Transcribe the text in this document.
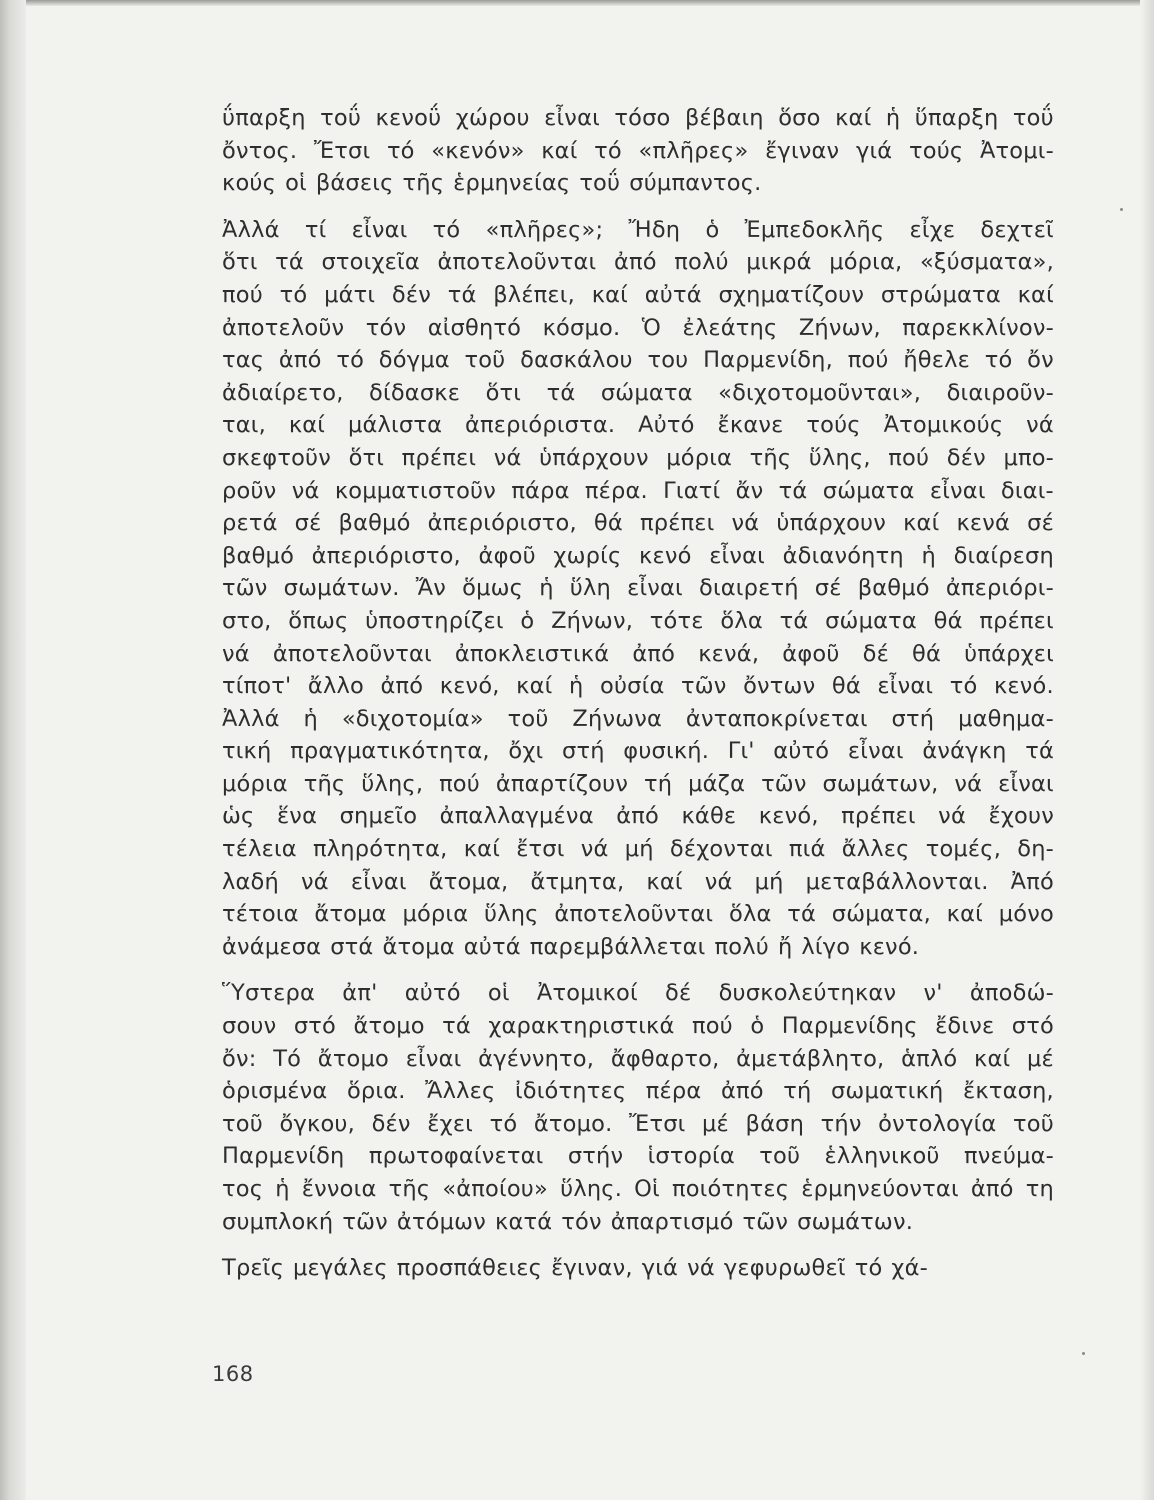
ΰπαρξη τοΰ κενοΰ χώρου εἶναι τόσο βέβαιη ὅσο καί ἡ ὕπαρξη τοΰ
ὄντος. Ἔτσι τό «κενόν» καί τό «πλῆρες» ἔγιναν γιά τούς Ἀτομι-
κούς οἱ βάσεις τῆς ἑρμηνείας τοΰ σύμπαντος.
Ἀλλά τί εἶναι τό «πλῆρες»; Ἤδη ὁ Ἐμπεδοκλῆς εἶχε δεχτεῖ
ὅτι τά στοιχεῖα ἀποτελοῦνται ἀπό πολύ μικρά μόρια, «ξύσματα»,
πού τό μάτι δέν τά βλέπει, καί αὐτά σχηματίζουν στρώματα καί
ἀποτελοῦν τόν αἰσθητό κόσμο. Ὁ ἐλεάτης Ζήνων, παρεκκλίνον-
τας ἀπό τό δόγμα τοῦ δασκάλου του Παρμενίδη, πού ἤθελε τό ὄν
ἀδιαίρετο, δίδασκε ὅτι τά σώματα «διχοτομοῦνται», διαιροῦν-
ται, καί μάλιστα ἀπεριόριστα. Αὐτό ἔκανε τούς Ἀτομικούς νά
σκεφτοῦν ὅτι πρέπει νά ὑπάρχουν μόρια τῆς ὕλης, πού δέν μπο-
ροῦν νά κομματιστοῦν πάρα πέρα. Γιατί ἄν τά σώματα εἶναι διαι-
ρετά σέ βαθμό ἀπεριόριστο, θά πρέπει νά ὑπάρχουν καί κενά σέ
βαθμό ἀπεριόριστο, ἀφοῦ χωρίς κενό εἶναι ἀδιανόητη ἡ διαίρεση
τῶν σωμάτων. Ἄν ὅμως ἡ ὕλη εἶναι διαιρετή σέ βαθμό ἀπεριόρι-
στο, ὅπως ὑποστηρίζει ὁ Ζήνων, τότε ὅλα τά σώματα θά πρέπει
νά ἀποτελοῦνται ἀποκλειστικά ἀπό κενά, ἀφοῦ δέ θά ὑπάρχει
τίποτ' ἄλλο ἀπό κενό, καί ἡ οὐσία τῶν ὄντων θά εἶναι τό κενό.
Ἀλλά ἡ «διχοτομία» τοῦ Ζήνωνα ἀνταποκρίνεται στή μαθημα-
τική πραγματικότητα, ὄχι στή φυσική. Γι' αὐτό εἶναι ἀνάγκη τά
μόρια τῆς ὕλης, πού ἀπαρτίζουν τή μάζα τῶν σωμάτων, νά εἶναι
ὡς ἕνα σημεῖο ἀπαλλαγμένα ἀπό κάθε κενό, πρέπει νά ἔχουν
τέλεια πληρότητα, καί ἔτσι νά μή δέχονται πιά ἄλλες τομές, δη-
λαδή νά εἶναι ἄτομα, ἄτμητα, καί νά μή μεταβάλλονται. Ἀπό
τέτοια ἄτομα μόρια ὕλης ἀποτελοῦνται ὅλα τά σώματα, καί μόνο
ἀνάμεσα στά ἄτομα αὐτά παρεμβάλλεται πολύ ἤ λίγο κενό.
Ὕστερα ἀπ' αὐτό οἱ Ἀτομικοί δέ δυσκολεύτηκαν ν' ἀποδώ-
σουν στό ἄτομο τά χαρακτηριστικά πού ὁ Παρμενίδης ἔδινε στό
ὄν: Τό ἄτομο εἶναι ἀγέννητο, ἄφθαρτο, ἀμετάβλητο, ἁπλό καί μέ
ὁρισμένα ὅρια. Ἄλλες ἰδιότητες πέρα ἀπό τή σωματική ἔκταση,
τοῦ ὄγκου, δέν ἔχει τό ἄτομο. Ἔτσι μέ βάση τήν ὀντολογία τοῦ
Παρμενίδη πρωτοφαίνεται στήν ἱστορία τοῦ ἑλληνικοῦ πνεύμα-
τος ἡ ἔννοια τῆς «ἀποίου» ὕλης. Οἱ ποιότητες ἑρμηνεύονται ἀπό τη
συμπλοκή τῶν ἀτόμων κατά τόν ἀπαρτισμό τῶν σωμάτων.
Τρεῖς μεγάλες προσπάθειες ἔγιναν, γιά νά γεφυρωθεῖ τό χά-
168
